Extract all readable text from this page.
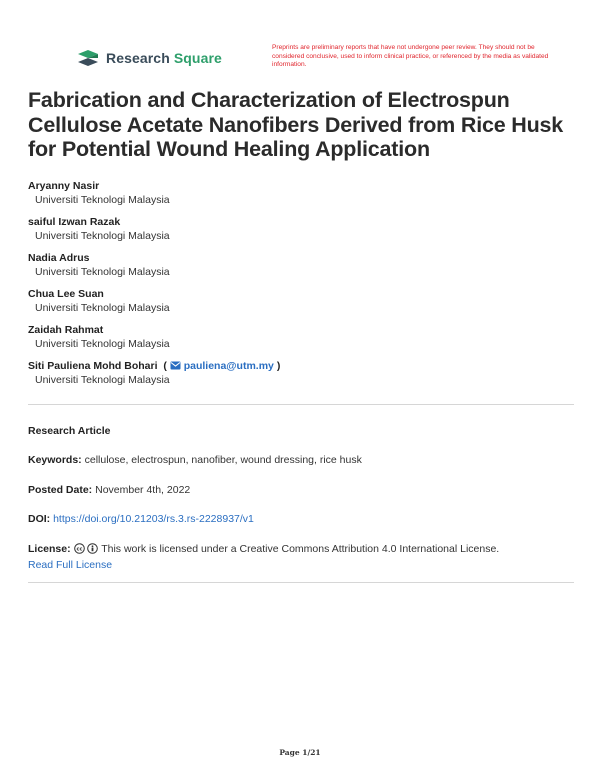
Research Square
Preprints are preliminary reports that have not undergone peer review. They should not be considered conclusive, used to inform clinical practice, or referenced by the media as validated information.
Fabrication and Characterization of Electrospun Cellulose Acetate Nanofibers Derived from Rice Husk for Potential Wound Healing Application
Aryanny Nasir
Universiti Teknologi Malaysia
saiful Izwan Razak
Universiti Teknologi Malaysia
Nadia Adrus
Universiti Teknologi Malaysia
Chua Lee Suan
Universiti Teknologi Malaysia
Zaidah Rahmat
Universiti Teknologi Malaysia
Siti Pauliena Mohd Bohari  ( pauliena@utm.my )
Universiti Teknologi Malaysia
Research Article
Keywords: cellulose, electrospun, nanofiber, wound dressing, rice husk
Posted Date: November 4th, 2022
DOI: https://doi.org/10.21203/rs.3.rs-2228937/v1
License: cc This work is licensed under a Creative Commons Attribution 4.0 International License.
Read Full License
Page 1/21
